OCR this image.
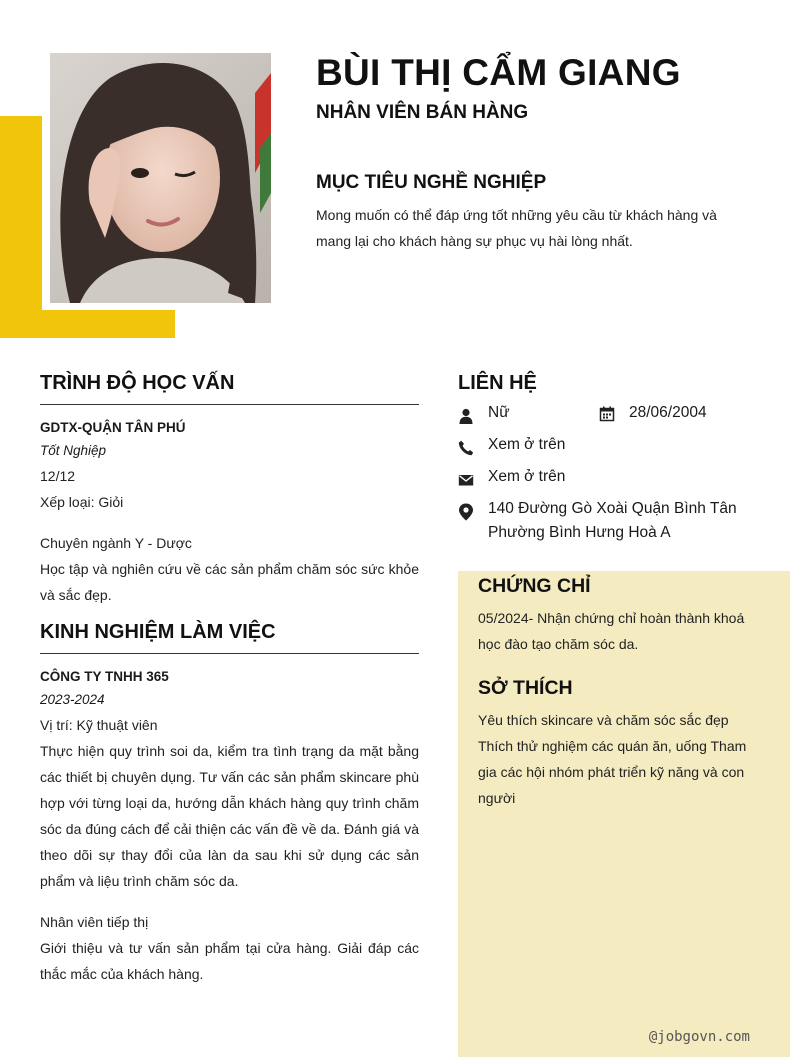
BÙI THỊ CẨM GIANG
NHÂN VIÊN BÁN HÀNG
MỤC TIÊU NGHỀ NGHIỆP

Mong muốn có thể đáp ứng tốt những yêu cầu từ khách hàng và mang lại cho khách hàng sự phục vụ hài lòng nhất.

TRÌNH ĐỘ HỌC VẤN
GDTX-QUẬN TÂN PHÚ
Tốt Nghiệp
12/12
Xếp loại: Giỏi
Chuyên ngành Y - Dược
Học tập và nghiên cứu về các sản phẩm chăm sóc sức khỏe và sắc đẹp.
KINH NGHIỆM LÀM VIỆC
CÔNG TY TNHH 365
2023-2024
Vị trí: Kỹ thuật viên
Thực hiện quy trình soi da, kiểm tra tình trạng da mặt bằng các thiết bị chuyên dụng. Tư vấn các sản phẩm skincare phù hợp với từng loại da, hướng dẫn khách hàng quy trình chăm sóc da đúng cách để cải thiện các vấn đề về da. Đánh giá và theo dõi sự thay đổi của làn da sau khi sử dụng các sản phẩm và liệu trình chăm sóc da.
Nhân viên tiếp thị
Giới thiệu và tư vấn sản phẩm tại cửa hàng. Giải đáp các thắc mắc của khách hàng.
LIÊN HỆ
Nữ	28/06/2004
Xem ở trên
Xem ở trên
140 Đường Gò Xoài Quận Bình Tân Phường Bình Hưng Hoà A
CHỨNG CHỈ
05/2024- Nhận chứng chỉ hoàn thành khoá học đào tạo chăm sóc da.
SỞ THÍCH
Yêu thích skincare và chăm sóc sắc đẹp
Thích thử nghiệm các quán ăn, uống Tham gia các hội nhóm phát triển kỹ năng và con người
@jobgovn.com
